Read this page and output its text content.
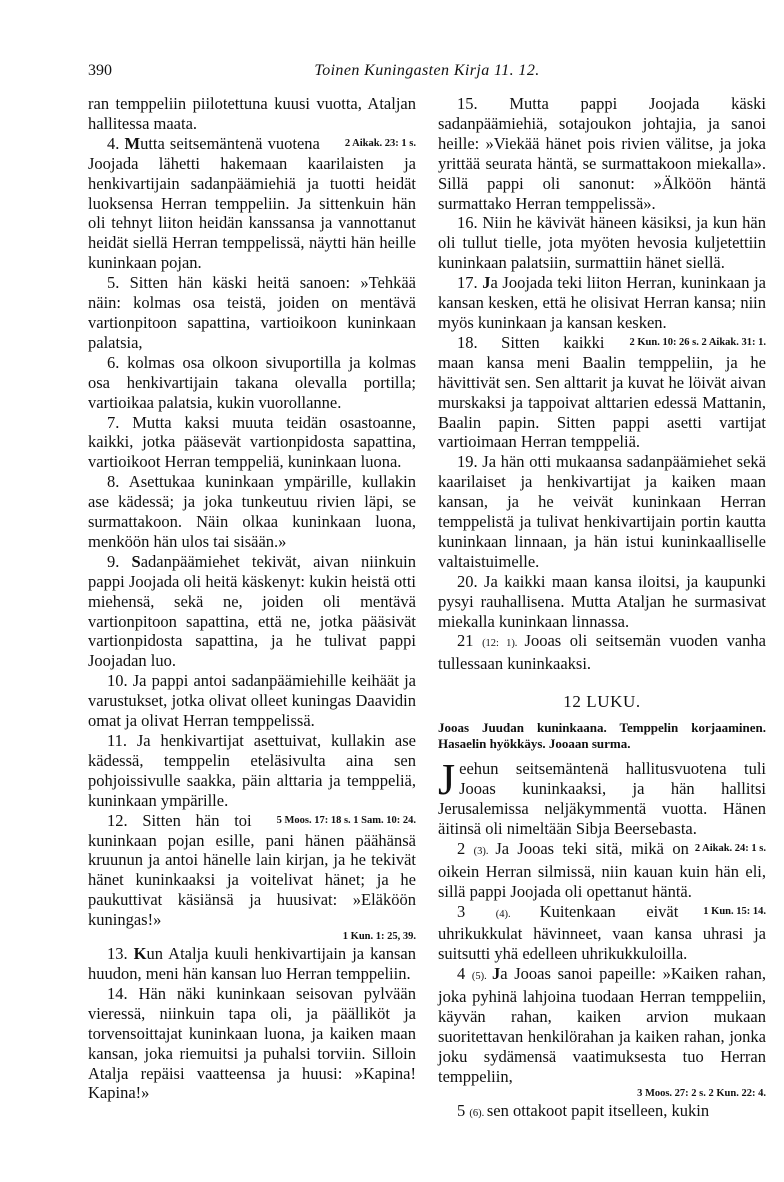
390	Toinen Kuningasten Kirja 11. 12.

ran temppeliin piilotettuna kuusi vuotta, Ataljan hallitessa maata.

4. M	2 Aikak. 23: 1 s.
utta seitsemäntenä vuotena Joojada lähetti hakemaan kaarilaisten ja henkivartijain sadanpäämiehiä ja tuotti heidät luoksensa Herran temppeliin. Ja sittenkuin hän oli tehnyt liiton heidän kanssansa ja vannottanut heidät siellä Herran temppelissä, näytti hän heille kuninkaan pojan.

5. Sitten hän käski heitä sanoen: »Tehkää näin: kolmas osa teistä, joiden on mentävä vartionpitoon sapattina, vartioikoon kuninkaan palatsia,

6. kolmas osa olkoon sivuportilla ja kolmas osa henkivartijain takana olevalla portilla; vartioikaa palatsia, kukin vuorollanne.

7. Mutta kaksi muuta teidän osastoanne, kaikki, jotka pääsevät vartionpidosta sapattina, vartioikoot Herran temppeliä, kuninkaan luona.

8. Asettukaa kuninkaan ympärille, kullakin ase kädessä; ja joka tunkeutuu rivien läpi, se surmattakoon. Näin olkaa kuninkaan luona, menköön hän ulos tai sisään.»

9. Sadanpäämiehet tekivät, aivan niinkuin pappi Joojada oli heitä käskenyt: kukin heistä otti miehensä, sekä ne, joiden oli mentävä vartionpitoon sapattina, että ne, jotka pääsivät vartionpidosta sapattina, ja he tulivat pappi Joojadan luo.

10. Ja pappi antoi sadanpäämiehille keihäät ja varustukset, jotka olivat olleet kuningas Daavidin omat ja olivat Herran temppelissä.

11. Ja henkivartijat asettuivat, kullakin ase kädessä, temppelin eteläsivulta aina sen pohjoissivulle saakka, päin alttaria ja temppeliä, kuninkaan ympärille.

12.	5 Moos. 17: 18 s. 1 Sam. 10: 24.
Sitten hän toi kuninkaan pojan esille, pani hänen päähänsä kruunun ja antoi hänelle lain kirjan, ja he tekivät hänet kuninkaaksi ja voitelivat hänet; ja he paukuttivat käsiänsä ja huusivat: »Eläköön kuningas!»

1 Kun. 1: 25, 39.

13. Kun Atalja kuuli henkivartijain ja kansan huudon, meni hän kansan luo Herran temppeliin.

14. Hän näki kuninkaan seisovan pylvään vieressä, niinkuin tapa oli, ja päälliköt ja torvensoittajat kuninkaan luona, ja kaiken maan kansan, joka riemuitsi ja puhalsi torviin. Silloin Atalja repäisi vaatteensa ja huusi: »Kapina! Kapina!»

15. Mutta pappi Joojada käski sadanpäämiehiä, sotajoukon johtajia, ja sanoi heille: »Viekää hänet pois rivien välitse, ja joka yrittää seurata häntä, se surmattakoon miekalla». Sillä pappi oli sanonut: »Älköön häntä surmattako Herran temppelissä».

16. Niin he kävivät häneen käsiksi, ja kun hän oli tullut tielle, jota myöten hevosia kuljetettiin kuninkaan palatsiin, surmattiin hänet siellä.

17. Ja Joojada teki liiton Herran, kuninkaan ja kansan kesken, että he olisivat Herran kansa; niin myös kuninkaan ja kansan kesken.

18.	2 Kun. 10: 26 s. 2 Aikak. 31: 1.
Sitten kaikki maan kansa meni Baalin temppeliin, ja he hävittivät sen. Sen alttarit ja kuvat he löivät aivan murskaksi ja tappoivat alttarien edessä Mattanin, Baalin papin. Sitten pappi asetti vartijat vartioimaan Herran temppeliä.

19. Ja hän otti mukaansa sadanpäämiehet sekä kaarilaiset ja henkivartijat ja kaiken maan kansan, ja he veivät kuninkaan Herran temppelistä ja tulivat henkivartijain portin kautta kuninkaan linnaan, ja hän istui kuninkaalliselle valtaistuimelle.

20. Ja kaikki maan kansa iloitsi, ja kaupunki pysyi rauhallisena. Mutta Ataljan he surmasivat miekalla kuninkaan linnassa.

21 (12: 1). Jooas oli seitsemän vuoden vanha tullessaan kuninkaaksi.

12 LUKU.
Jooas Juudan kuninkaana. Temppelin korjaaminen. Hasaelin hyökkäys. Jooaan surma.

Jeehun seitsemäntenä hallitusvuotena tuli Jooas kuninkaaksi, ja hän hallitsi Jerusalemissa neljäkymmentä vuotta. Hänen äitinsä oli nimeltään Sibja Beersebasta.
2 Aikak. 24: 1 s.

2 (3). Ja Jooas teki sitä, mikä on oikein Herran silmissä, niin kauan kuin hän eli, sillä pappi Joojada oli opettanut häntä.

3 (4).	1 Kun. 15: 14.
Kuitenkaan eivät uhrikukkulat hävinneet, vaan kansa uhrasi ja suitsutti yhä edelleen uhrikukkuloilla.

4 (5). Ja Jooas sanoi papeille: »Kaiken rahan, joka pyhinä lahjoina tuodaan Herran temppeliin, käyvän rahan, kaiken arvion mukaan suoritettavan henkilörahan ja kaiken rahan, jonka joku sydämensä vaatimuksesta tuo Herran temppeliin,

3 Moos. 27: 2 s. 2 Kun. 22: 4.

5 (6). sen ottakoot papit itselleen, kukin
